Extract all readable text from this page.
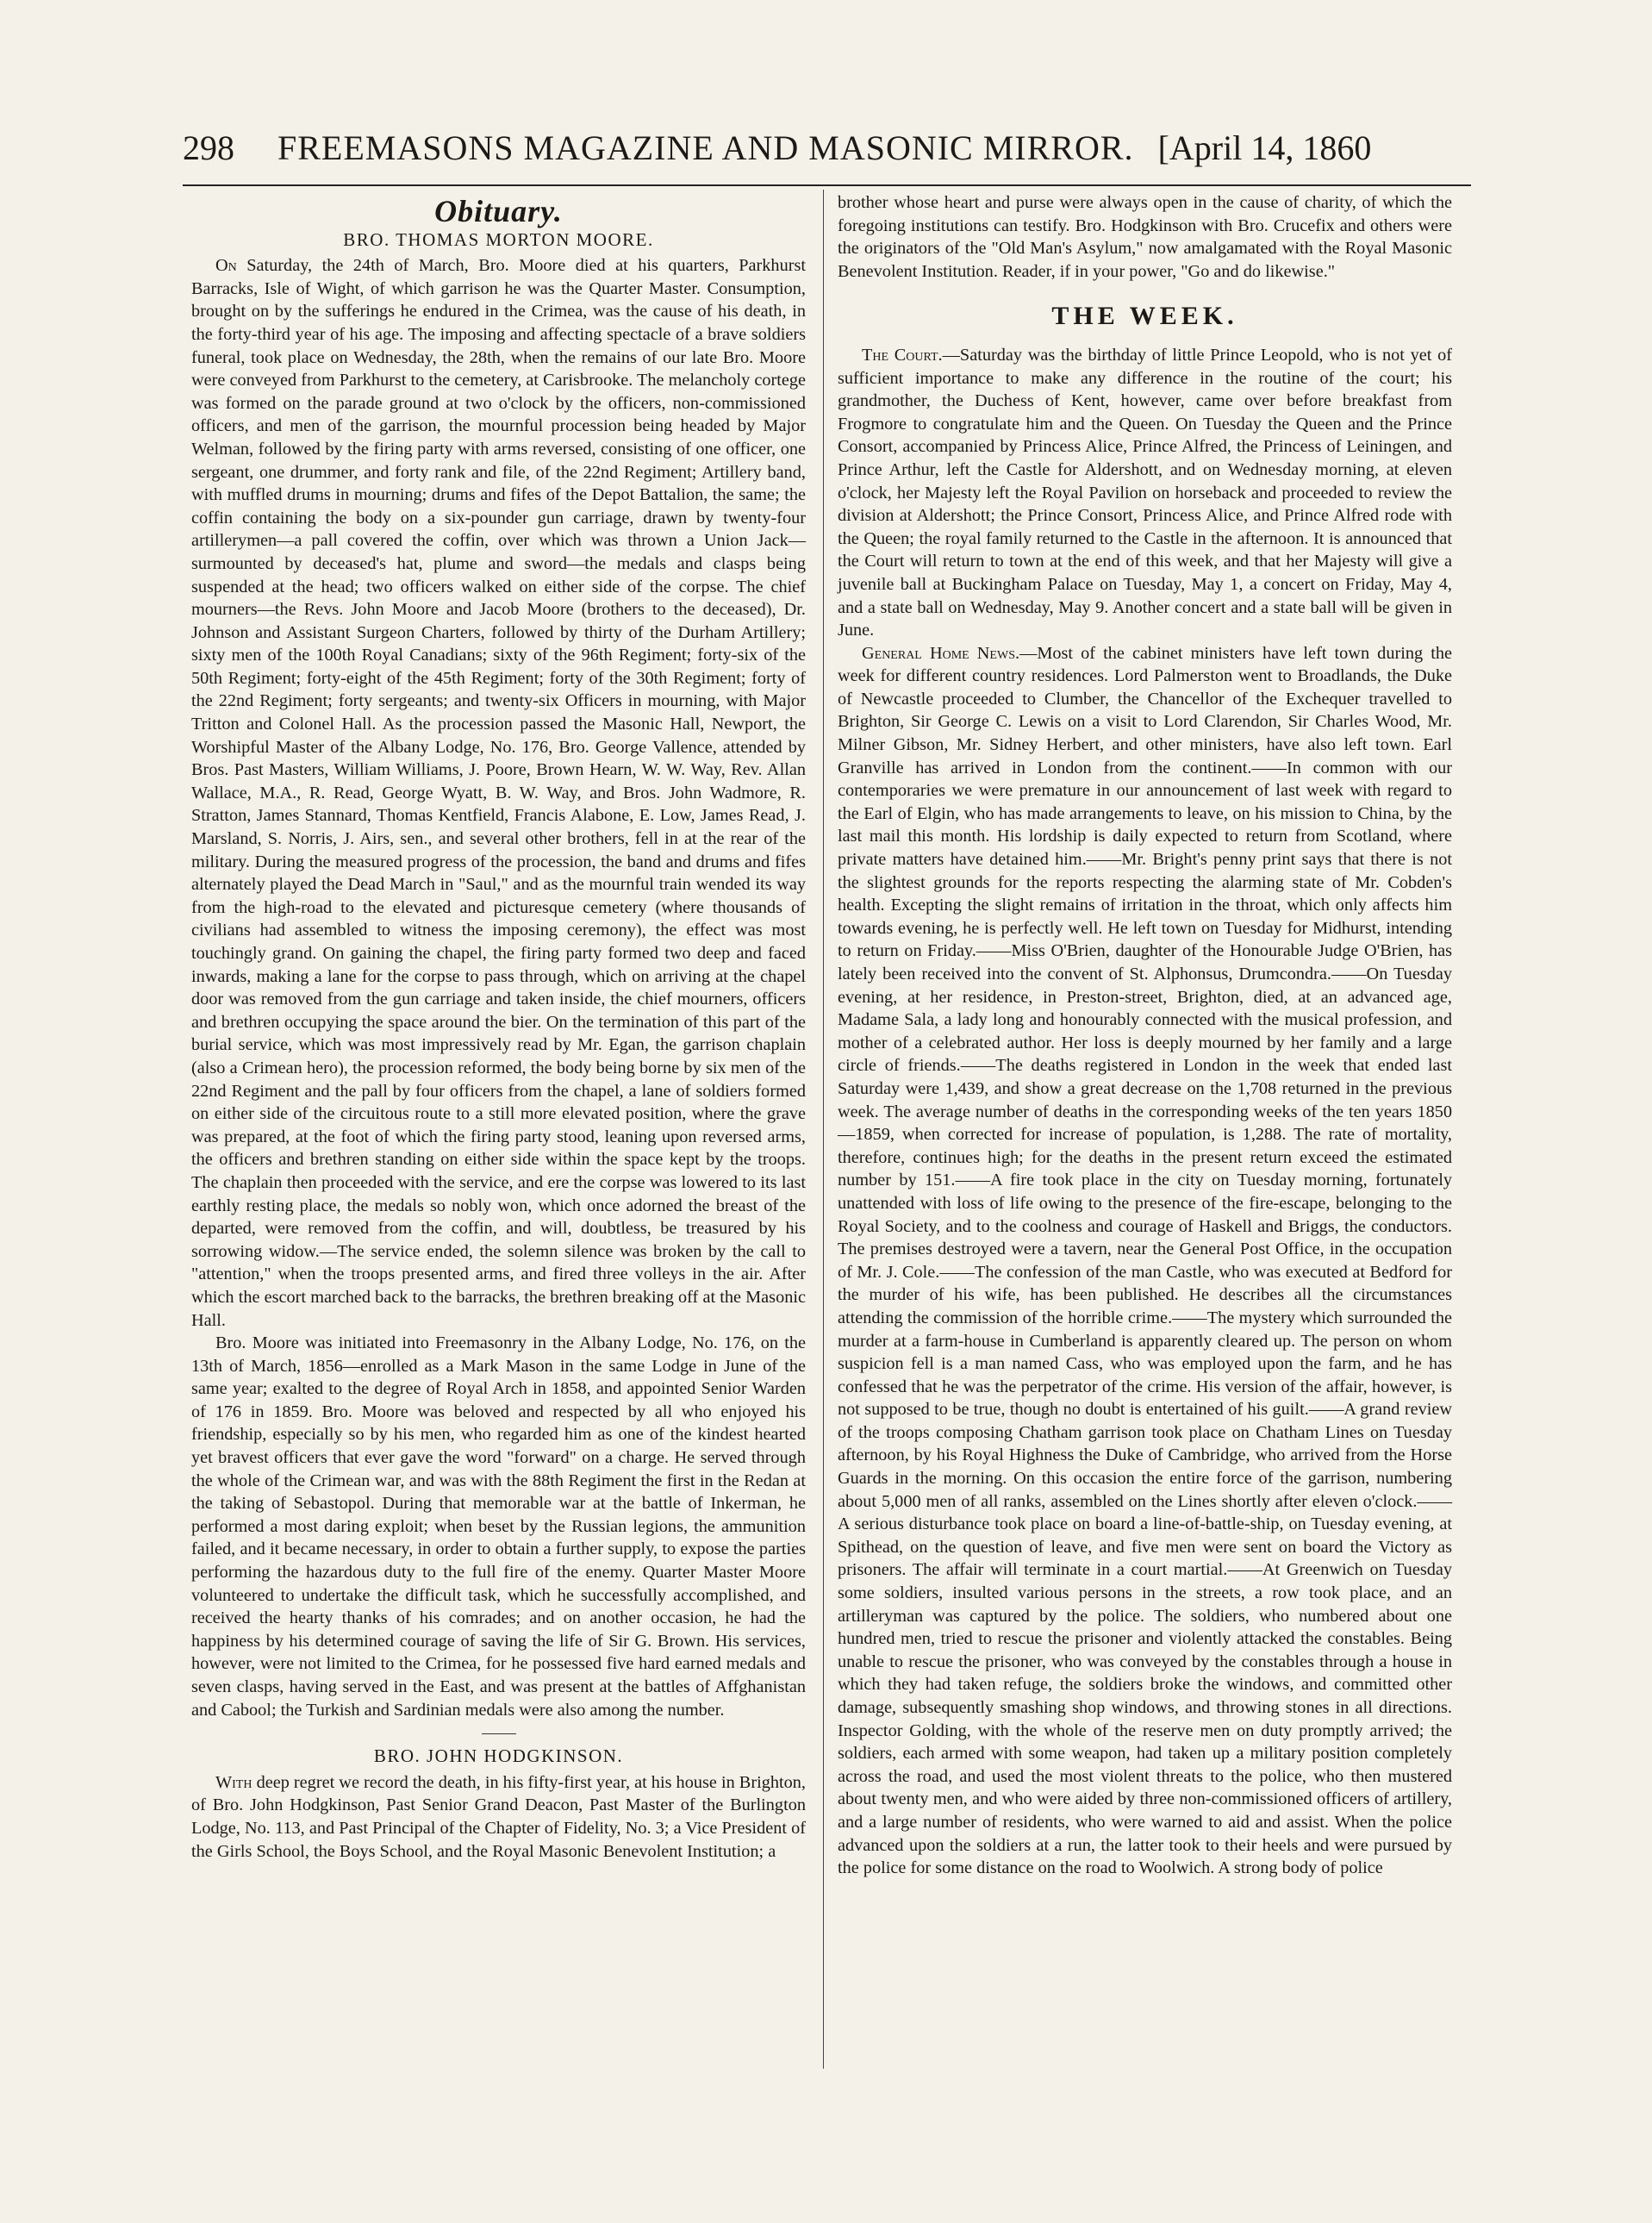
298 FREEMASONS MAGAZINE AND MASONIC MIRROR. [April 14, 1860
Obituary.
BRO. THOMAS MORTON MOORE.

On Saturday, the 24th of March, Bro. Moore died at his quarters, Parkhurst Barracks, Isle of Wight, of which garrison he was the Quarter Master. Consumption, brought on by the sufferings he endured in the Crimea, was the cause of his death, in the forty-third year of his age. The imposing and affecting spectacle of a brave soldiers funeral, took place on Wednesday, the 28th, when the remains of our late Bro. Moore were conveyed from Parkhurst to the cemetery, at Carisbrooke. The melancholy cortege was formed on the parade ground at two o'clock by the officers, non-commissioned officers, and men of the garrison, the mournful procession being headed by Major Welman, followed by the firing party with arms reversed, consisting of one officer, one sergeant, one drummer, and forty rank and file, of the 22nd Regiment; Artillery band, with muffled drums in mourning; drums and fifes of the Depot Battalion, the same; the coffin containing the body on a six-pounder gun carriage, drawn by twenty-four artillerymen—a pall covered the coffin, over which was thrown a Union Jack—surmounted by deceased's hat, plume and sword—the medals and clasps being suspended at the head; two officers walked on either side of the corpse. The chief mourners—the Revs. John Moore and Jacob Moore (brothers to the deceased), Dr. Johnson and Assistant Surgeon Charters, followed by thirty of the Durham Artillery; sixty men of the 100th Royal Canadians; sixty of the 96th Regiment; forty-six of the 50th Regiment; forty-eight of the 45th Regiment; forty of the 30th Regiment; forty of the 22nd Regiment; forty sergeants; and twenty-six Officers in mourning, with Major Tritton and Colonel Hall. As the procession passed the Masonic Hall, Newport, the Worshipful Master of the Albany Lodge, No. 176, Bro. George Vallence, attended by Bros. Past Masters, William Williams, J. Poore, Brown Hearn, W. W. Way, Rev. Allan Wallace, M.A., R. Read, George Wyatt, B. W. Way, and Bros. John Wadmore, R. Stratton, James Stannard, Thomas Kentfield, Francis Alabone, E. Low, James Read, J. Marsland, S. Norris, J. Airs, sen., and several other brothers, fell in at the rear of the military. During the measured progress of the procession, the band and drums and fifes alternately played the Dead March in "Saul," and as the mournful train wended its way from the high-road to the elevated and picturesque cemetery (where thousands of civilians had assembled to witness the imposing ceremony), the effect was most touchingly grand. On gaining the chapel, the firing party formed two deep and faced inwards, making a lane for the corpse to pass through, which on arriving at the chapel door was removed from the gun carriage and taken inside, the chief mourners, officers and brethren occupying the space around the bier. On the termination of this part of the burial service, which was most impressively read by Mr. Egan, the garrison chaplain (also a Crimean hero), the procession reformed, the body being borne by six men of the 22nd Regiment and the pall by four officers from the chapel, a lane of soldiers formed on either side of the circuitous route to a still more elevated position, where the grave was prepared, at the foot of which the firing party stood, leaning upon reversed arms, the officers and brethren standing on either side within the space kept by the troops. The chaplain then proceeded with the service, and ere the corpse was lowered to its last earthly resting place, the medals so nobly won, which once adorned the breast of the departed, were removed from the coffin, and will, doubtless, be treasured by his sorrowing widow.—The service ended, the solemn silence was broken by the call to "attention," when the troops presented arms, and fired three volleys in the air. After which the escort marched back to the barracks, the brethren breaking off at the Masonic Hall.

Bro. Moore was initiated into Freemasonry in the Albany Lodge, No. 176, on the 13th of March, 1856—enrolled as a Mark Mason in the same Lodge in June of the same year; exalted to the degree of Royal Arch in 1858, and appointed Senior Warden of 176 in 1859. Bro. Moore was beloved and respected by all who enjoyed his friendship, especially so by his men, who regarded him as one of the kindest hearted yet bravest officers that ever gave the word "forward" on a charge. He served through the whole of the Crimean war, and was with the 88th Regiment the first in the Redan at the taking of Sebastopol. During that memorable war at the battle of Inkerman, he performed a most daring exploit; when beset by the Russian legions, the ammunition failed, and it became necessary, in order to obtain a further supply, to expose the parties performing the hazardous duty to the full fire of the enemy. Quarter Master Moore volunteered to undertake the difficult task, which he successfully accomplished, and received the hearty thanks of his comrades; and on another occasion, he had the happiness by his determined courage of saving the life of Sir G. Brown. His services, however, were not limited to the Crimea, for he possessed five hard earned medals and seven clasps, having served in the East, and was present at the battles of Affghanistan and Cabool; the Turkish and Sardinian medals were also among the number.

BRO. JOHN HODGKINSON.

With deep regret we record the death, in his fifty-first year, at his house in Brighton, of Bro. John Hodgkinson, Past Senior Grand Deacon, Past Master of the Burlington Lodge, No. 113, and Past Principal of the Chapter of Fidelity, No. 3; a Vice President of the Girls School, the Boys School, and the Royal Masonic Benevolent Institution; a

brother whose heart and purse were always open in the cause of charity, of which the foregoing institutions can testify. Bro. Hodgkinson with Bro. Crucefix and others were the originators of the "Old Man's Asylum," now amalgamated with the Royal Masonic Benevolent Institution. Reader, if in your power, "Go and do likewise."

THE WEEK.

The Court.—Saturday was the birthday of little Prince Leopold, who is not yet of sufficient importance to make any difference in the routine of the court; his grandmother, the Duchess of Kent, however, came over before breakfast from Frogmore to congratulate him and the Queen. On Tuesday the Queen and the Prince Consort, accompanied by Princess Alice, Prince Alfred, the Princess of Leiningen, and Prince Arthur, left the Castle for Aldershott, and on Wednesday morning, at eleven o'clock, her Majesty left the Royal Pavilion on horseback and proceeded to review the division at Aldershott; the Prince Consort, Princess Alice, and Prince Alfred rode with the Queen; the royal family returned to the Castle in the afternoon. It is announced that the Court will return to town at the end of this week, and that her Majesty will give a juvenile ball at Buckingham Palace on Tuesday, May 1, a concert on Friday, May 4, and a state ball on Wednesday, May 9. Another concert and a state ball will be given in June.

General Home News.—Most of the cabinet ministers have left town during the week for different country residences. Lord Palmerston went to Broadlands, the Duke of Newcastle proceeded to Clumber, the Chancellor of the Exchequer travelled to Brighton, Sir George C. Lewis on a visit to Lord Clarendon, Sir Charles Wood, Mr. Milner Gibson, Mr. Sidney Herbert, and other ministers, have also left town. Earl Granville has arrived in London from the continent.——In common with our contemporaries we were premature in our announcement of last week with regard to the Earl of Elgin, who has made arrangements to leave, on his mission to China, by the last mail this month. His lordship is daily expected to return from Scotland, where private matters have detained him.——Mr. Bright's penny print says that there is not the slightest grounds for the reports respecting the alarming state of Mr. Cobden's health. Excepting the slight remains of irritation in the throat, which only affects him towards evening, he is perfectly well. He left town on Tuesday for Midhurst, intending to return on Friday.——Miss O'Brien, daughter of the Honourable Judge O'Brien, has lately been received into the convent of St. Alphonsus, Drumcondra.——On Tuesday evening, at her residence, in Preston-street, Brighton, died, at an advanced age, Madame Sala, a lady long and honourably connected with the musical profession, and mother of a celebrated author. Her loss is deeply mourned by her family and a large circle of friends.——The deaths registered in London in the week that ended last Saturday were 1,439, and show a great decrease on the 1,708 returned in the previous week. The average number of deaths in the corresponding weeks of the ten years 1850—1859, when corrected for increase of population, is 1,288. The rate of mortality, therefore, continues high; for the deaths in the present return exceed the estimated number by 151.——A fire took place in the city on Tuesday morning, fortunately unattended with loss of life owing to the presence of the fire-escape, belonging to the Royal Society, and to the coolness and courage of Haskell and Briggs, the conductors. The premises destroyed were a tavern, near the General Post Office, in the occupation of Mr. J. Cole.——The confession of the man Castle, who was executed at Bedford for the murder of his wife, has been published. He describes all the circumstances attending the commission of the horrible crime.——The mystery which surrounded the murder at a farm-house in Cumberland is apparently cleared up. The person on whom suspicion fell is a man named Cass, who was employed upon the farm, and he has confessed that he was the perpetrator of the crime. His version of the affair, however, is not supposed to be true, though no doubt is entertained of his guilt.——A grand review of the troops composing Chatham garrison took place on Chatham Lines on Tuesday afternoon, by his Royal Highness the Duke of Cambridge, who arrived from the Horse Guards in the morning. On this occasion the entire force of the garrison, numbering about 5,000 men of all ranks, assembled on the Lines shortly after eleven o'clock.——A serious disturbance took place on board a line-of-battle-ship, on Tuesday evening, at Spithead, on the question of leave, and five men were sent on board the Victory as prisoners. The affair will terminate in a court martial.——At Greenwich on Tuesday some soldiers, insulted various persons in the streets, a row took place, and an artilleryman was captured by the police. The soldiers, who numbered about one hundred men, tried to rescue the prisoner and violently attacked the constables. Being unable to rescue the prisoner, who was conveyed by the constables through a house in which they had taken refuge, the soldiers broke the windows, and committed other damage, subsequently smashing shop windows, and throwing stones in all directions. Inspector Golding, with the whole of the reserve men on duty promptly arrived; the soldiers, each armed with some weapon, had taken up a military position completely across the road, and used the most violent threats to the police, who then mustered about twenty men, and who were aided by three non-commissioned officers of artillery, and a large number of residents, who were warned to aid and assist. When the police advanced upon the soldiers at a run, the latter took to their heels and were pursued by the police for some distance on the road to Woolwich. A strong body of police
